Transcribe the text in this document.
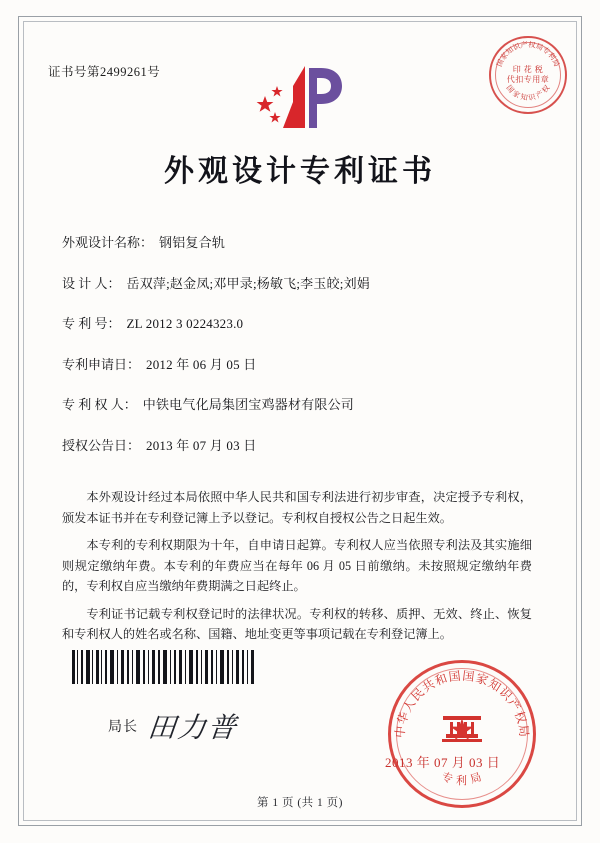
证书号第2499261号
国家知识产权局专利局
国 家 知 识 产 权
印 花 税
代扣专用章
外观设计专利证书
外观设计名称： 钢铝复合轨
设 计 人： 岳双萍;赵金凤;邓甲录;杨敏飞;李玉皎;刘娟
专 利 号： ZL 2012 3 0224323.0
专利申请日： 2012 年 06 月 05 日
专 利 权 人： 中铁电气化局集团宝鸡器材有限公司
授权公告日： 2013 年 07 月 03 日

本外观设计经过本局依照中华人民共和国专利法进行初步审查，决定授予专利权，颁发本证书并在专利登记簿上予以登记。专利权自授权公告之日起生效。

本专利的专利权期限为十年，自申请日起算。专利权人应当依照专利法及其实施细则规定缴纳年费。本专利的年费应当在每年 06 月 05 日前缴纳。未按照规定缴纳年费的，专利权自应当缴纳年费期满之日起终止。

专利证书记载专利权登记时的法律状况。专利权的转移、质押、无效、终止、恢复和专利权人的姓名或名称、国籍、地址变更等事项记载在专利登记簿上。

局长 田力普	中华人民共和国国家知识产权局
专 利 局
★
2013 年 07 月 03 日
第 1 页 (共 1 页)
